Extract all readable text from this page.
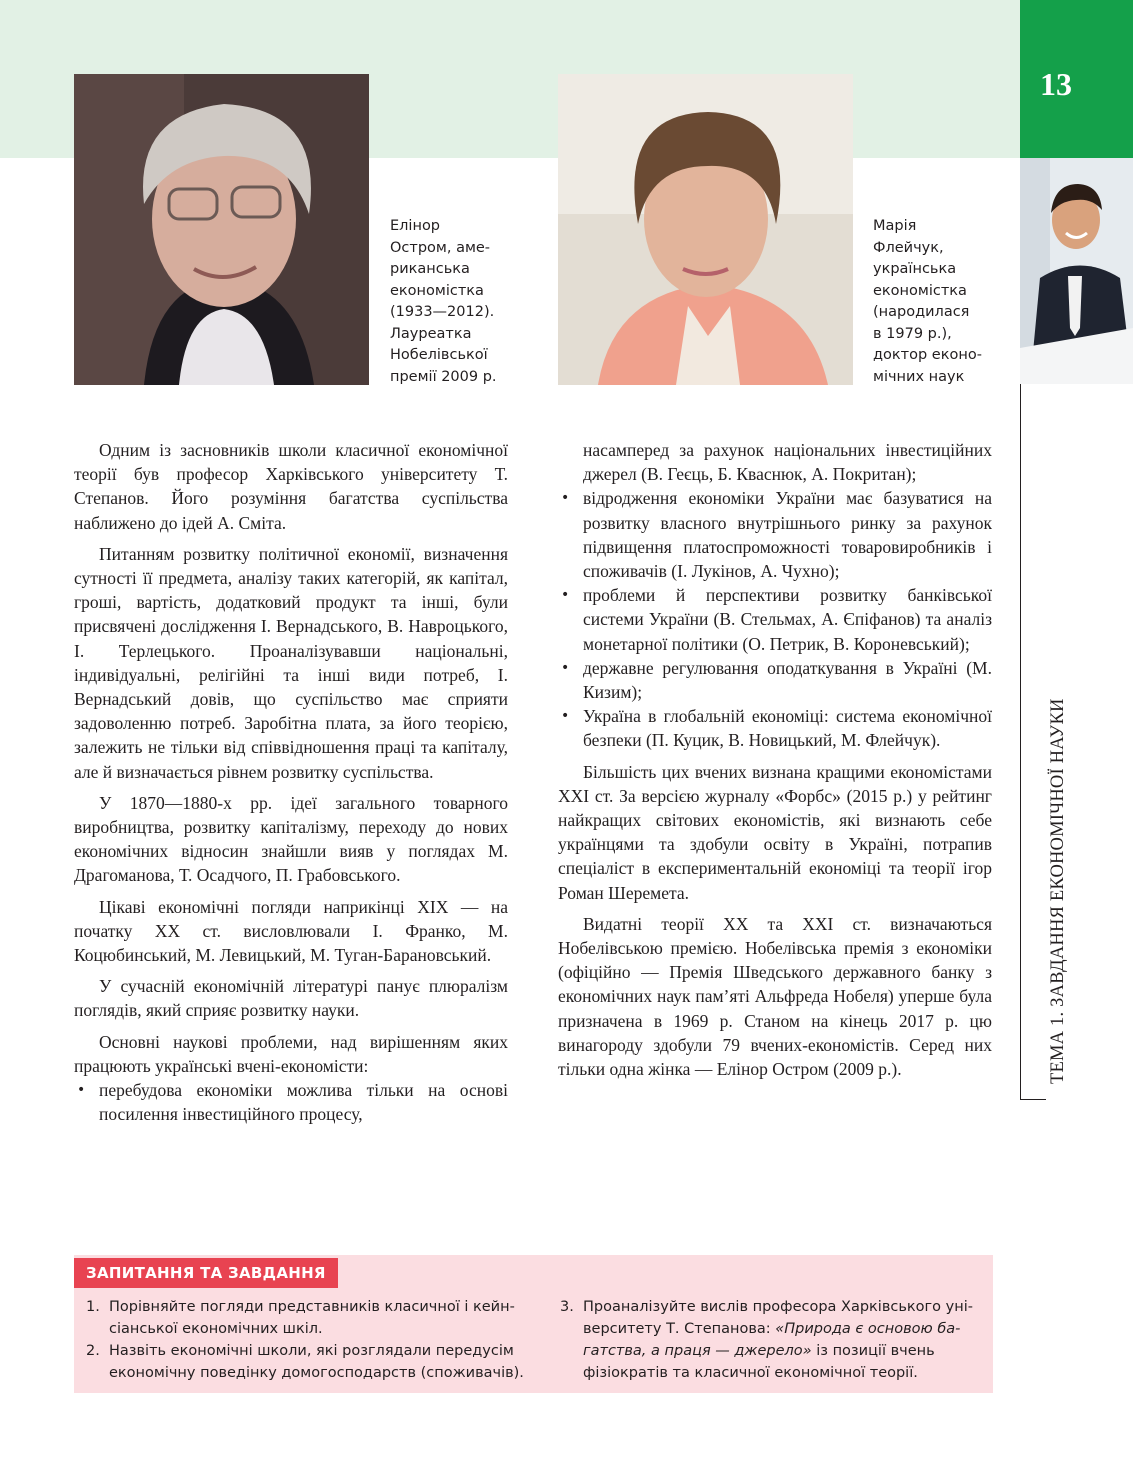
13
ТЕМА 1. ЗАВДАННЯ ЕКОНОМІЧНОЇ НАУКИ
Елінор
Остром, аме-
риканська
економістка
(1933—2012).
Лауреатка
Нобелівської
премії 2009 р.
Марія
Флейчук,
українська
економістка
(народилася
в 1979 р.),
доктор еконо-
мічних наук

Одним із засновників школи класичної економічної теорії був професор Харківського університету Т. Степанов. Його розуміння багатства суспільства наближено до ідей А. Сміта.

Питанням розвитку політичної економії, визначення сутності її предмета, аналізу таких категорій, як капітал, гроші, вартість, додатковий продукт та інші, були присвячені дослідження І. Вернадського, В. Навроцького, І. Терлецького. Проаналізувавши національні, індивідуальні, релігійні та інші види потреб, І. Вернадський довів, що суспільство має сприяти задоволенню потреб. Заробітна плата, за його теорією, залежить не тільки від співвідношення праці та капіталу, але й визначається рівнем розвитку суспільства.

У 1870—1880-х рр. ідеї загального товарного виробництва, розвитку капіталізму, переходу до нових економічних відносин знайшли вияв у поглядах М. Драгоманова, Т. Осадчого, П. Грабовського.

Цікаві економічні погляди наприкінці XIX — на початку XX ст. висловлювали І. Франко, М. Коцюбинський, М. Левицький, М. Туган-Барановський.

У сучасній економічній літературі панує плюралізм поглядів, який сприяє розвитку науки.

Основні наукові проблеми, над вирішенням яких працюють українські вчені-економісти:

• перебудова економіки можлива тільки на основі посилення інвестиційного процесу,

насамперед за рахунок національних інвестиційних джерел (В. Геєць, Б. Кваснюк, А. Покритан);

• відродження економіки України має базуватися на розвитку власного внутрішнього ринку за рахунок підвищення платоспроможності товаровиробників і споживачів (І. Лукінов, А. Чухно);
• проблеми й перспективи розвитку банківської системи України (В. Стельмах, А. Єпіфанов) та аналіз монетарної політики (О. Петрик, В. Короневський);
• державне регулювання оподаткування в Україні (М. Кизим);
• Україна в глобальній економіці: система економічної безпеки (П. Куцик, В. Новицький, М. Флейчук).

Більшість цих вчених визнана кращими економістами XXI ст. За версією журналу «Форбс» (2015 р.) у рейтинг найкращих світових економістів, які визнають себе українцями та здобули освіту в Україні, потрапив спеціаліст в експериментальній економіці та теорії ігор Роман Шеремета.

Видатні теорії XX та XXI ст. визначаються Нобелівською премією. Нобелівська премія з економіки (офіційно — Премія Шведського державного банку з економічних наук пам’яті Альфреда Нобеля) уперше була призначена в 1969 р. Станом на кінець 2017 р. цю винагороду здобули 79 вчених-економістів. Серед них тільки одна жінка — Елінор Остром (2009 р.).

ЗАПИТАННЯ ТА ЗАВДАННЯ
1. Порівняйте погляди представників класичної і кейн-
сіанської економічних шкіл.
2. Назвіть економічні школи, які розглядали передусім
економічну поведінку домогосподарств (споживачів).
3. Проаналізуйте вислів професора Харківського уні-
верситету Т. Степанова: «Природа є основою ба-
гатства, а праця — джерело» із позиції вчень
фізіократів та класичної економічної теорії.
